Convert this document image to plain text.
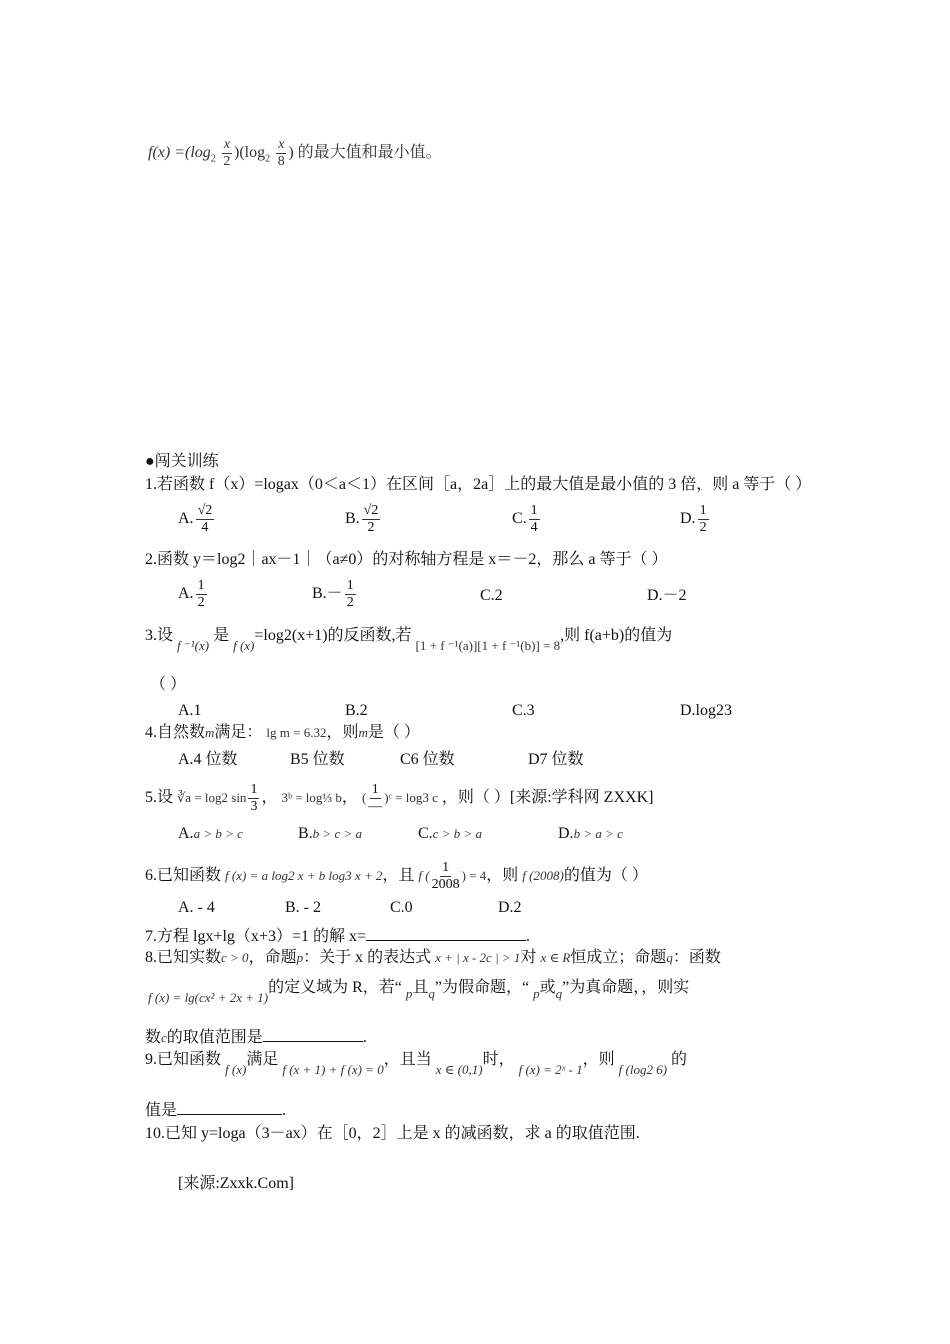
$f(x) =(\log_2 \frac{x}{2} )(\log_2 \frac{x}{8}$ ) 的最大值和最小值。
●闯关训练
1.若函数 f（x）=logax（0＜a＜1）在区间［a，2a］上的最大值是最小值的 3 倍，则 a 等于（ ）
A. $\frac{√2}{4}$	B. $\frac{√2}{2}$	C. $\frac{1}{4}$	D. $\frac{1}{2}$
2.函数 y＝log2｜ax－1｜（a≠0）的对称轴方程是 x＝－2，那么 a 等于（ ）
A. $\frac{1}{2}$	$B.- \frac{1}{2}$	C.2	D.－2
3.设 $_{f ^{-1}(x)}$ 是 $_{f (x)}$=log2(x+1)的反函数,若 $_{[1 + f ^{-1}(a)][1 + f ^{-1}(b)] = 8}$,则 f(a+b)的值为
（ ）
A.1	B.2	C.3	D.log23
4.自然数m满足： lg m = 6.32，则m是（ ）
A.4 位数	B5 位数	C6 位数	D7 位数
5.设 ∛a = log2 $\sin \frac{1}{3}$ ， 3ᵇ = log⅓ b， ( $\frac{1}{—}$ )ᶜ = log3 c ，则（ ）[来源:学科网 ZXXK]
A.a > b > c	B.b > c > a	C.c > b > a	D.b > a > c
6.已知函数 f (x) = a log2 x + b log3 x + 2，且 f ( $\frac{1}{2008}$ ) = 4，则 f (2008)的值为（ ）
A. - 4	B. - 2	C.0	D.2
7.方程 lgx+lg（x+3）=1 的解 x=	.
8.已知实数c > 0，命题p：关于 x 的表达式 x + | x - 2c | > 1对 x ∈ R恒成立；命题q：函数
$_{f (x) = lg(cx^2 + 2x + 1)}$的定义域为 R，若“ $_p$且$_q$”为假命题，“ $_p$或$_q$”为真命题，，则实
数c的取值范围是	.
9.已知函数 $_{f (x)}$满足 $_{f (x + 1) + f (x) = 0}$，且当 $_{x \in (0,1)}$时， $_{f (x) = 2ˣ - 1}$，则 $_{f (log2 6)}$ 的
值是	.
10.已知 y=loga（3－ax）在［0，2］上是 x 的减函数，求 a 的取值范围.
[来源:Zxxk.Com]
